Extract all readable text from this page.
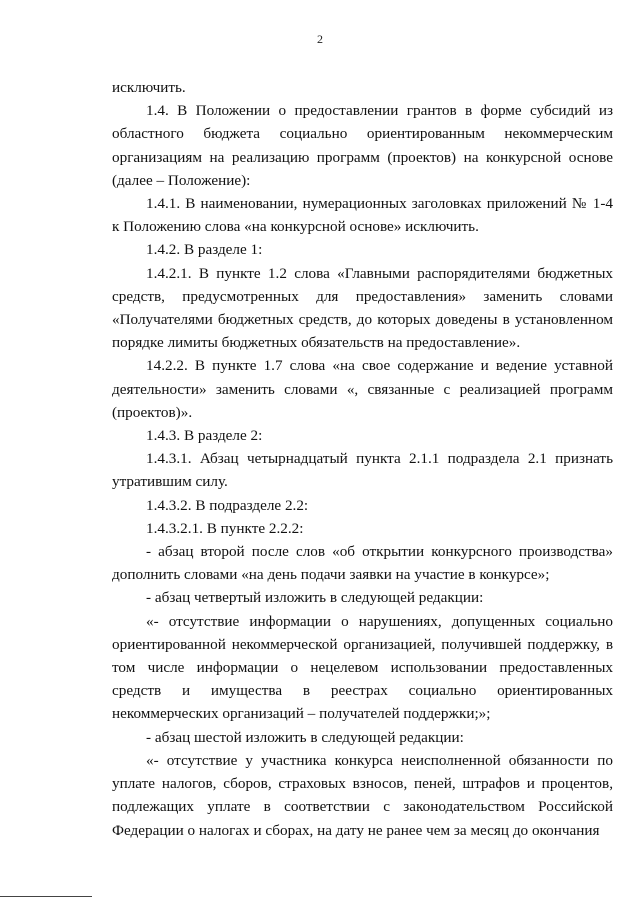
2

исключить.

1.4. В Положении о предоставлении грантов в форме субсидий из областного бюджета социально ориентированным некоммерческим организациям на реализацию программ (проектов) на конкурсной основе (далее – Положение):

1.4.1. В наименовании, нумерационных заголовках приложений № 1-4 к Положению слова «на конкурсной основе» исключить.

1.4.2. В разделе 1:

1.4.2.1. В пункте 1.2 слова «Главными распорядителями бюджетных средств, предусмотренных для предоставления» заменить словами «Получателями бюджетных средств, до которых доведены в установленном порядке лимиты бюджетных обязательств на предоставление».

14.2.2. В пункте 1.7 слова «на свое содержание и ведение уставной деятельности» заменить словами «, связанные с реализацией программ (проектов)».

1.4.3. В разделе 2:

1.4.3.1. Абзац четырнадцатый пункта 2.1.1 подраздела 2.1 признать утратившим силу.

1.4.3.2. В подразделе 2.2:

1.4.3.2.1. В пункте 2.2.2:

- абзац второй после слов «об открытии конкурсного производства» дополнить словами «на день подачи заявки на участие в конкурсе»;

- абзац четвертый изложить в следующей редакции:

«- отсутствие информации о нарушениях, допущенных социально ориентированной некоммерческой организацией, получившей поддержку, в том числе информации о нецелевом использовании предоставленных средств и имущества в реестрах социально ориентированных некоммерческих организаций – получателей поддержки;»;

- абзац шестой изложить в следующей редакции:

«- отсутствие у участника конкурса неисполненной обязанности по уплате налогов, сборов, страховых взносов, пеней, штрафов и процентов, подлежащих уплате в соответствии с законодательством Российской Федерации о налогах и сборах, на дату не ранее чем за месяц до окончания
